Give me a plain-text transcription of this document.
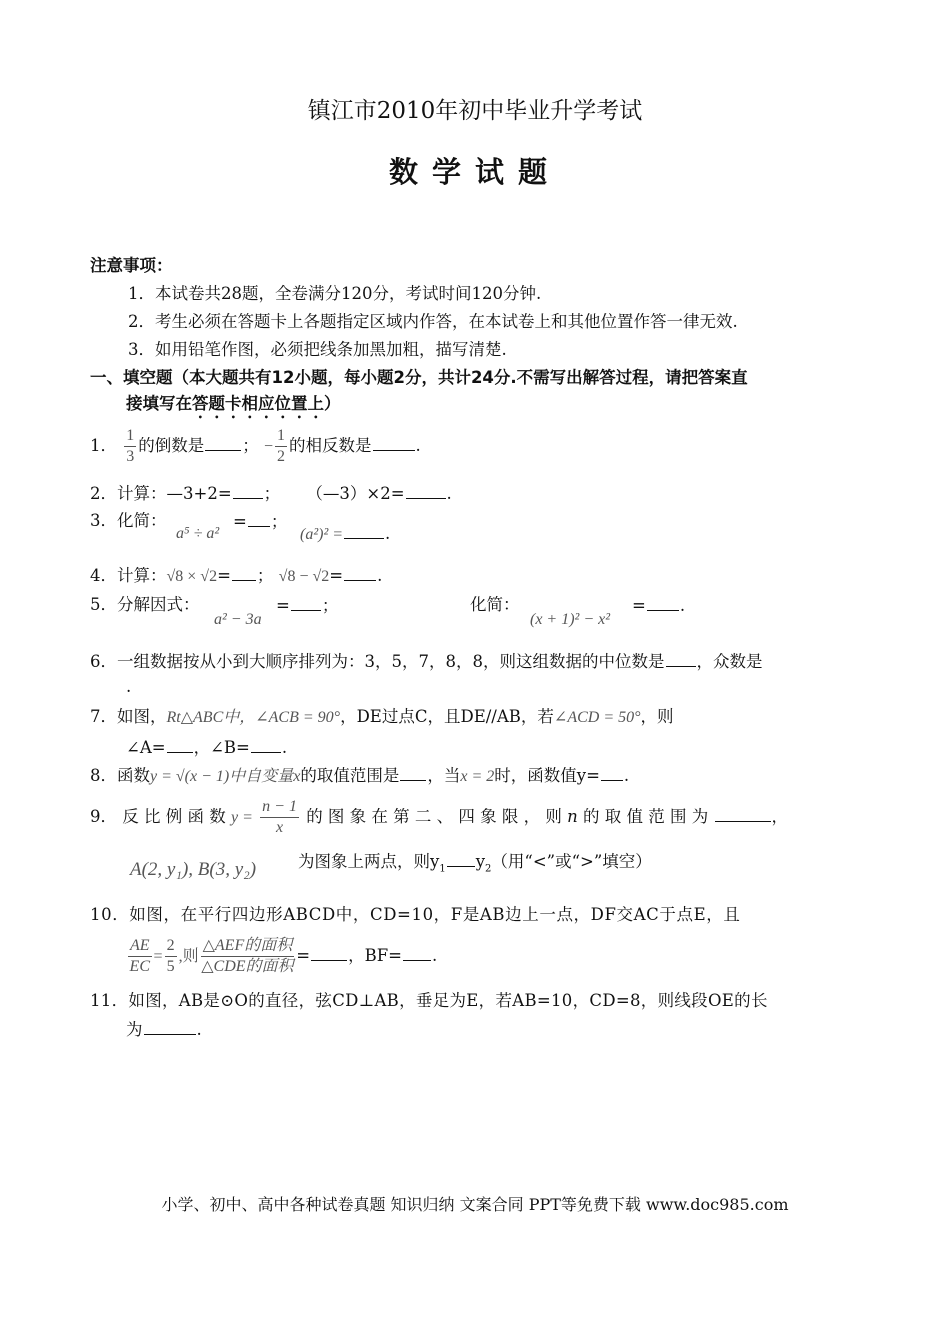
镇江市2010年初中毕业升学考试
数学试题
注意事项：
1．本试卷共28题，全卷满分120分，考试时间120分钟.
2．考生必须在答题卡上各题指定区域内作答，在本试卷上和其他位置作答一律无效.
3．如用铅笔作图，必须把线条加黑加粗，描写清楚.
一、填空题（本大题共有12小题，每小题2分，共计24分.不需写出解答过程，请把答案直
接填写在答题卡相应位置上）
1． $\frac{1}{3}$ 的倒数是 ； − $\frac{1}{2}$ 的相反数是	.
2．计算：—3+2= ； （—3）×2=	.
3．化简：
a⁵ ÷ a²
= ；
(a²)² =	.
4．计算：√8 × √2= ； √8 − √2= .
5．分解因式：
a² − 3a
= ；	化简：
(x + 1)² − x²
= .
6．一组数据按从小到大顺序排列为：3，5，7，8，8，则这组数据的中位数是 ，众数是
.
7．如图，Rt△ABC中，∠ACB = 90°，DE过点C，且DE//AB，若∠ACD = 50°，则
∠A= ，∠B= .
8．函数y = √(x − 1)中自变量x的取值范围是 ，当x = 2时，函数值y= .
9． 反 比 例 函 数 $y = \frac{n - 1}{x}$ 的 图 象 在 第 二 、 四 象 限 ， 则 n 的 取 值 范 围 为	，
A(2, y₁), B(3, y₂)	为图象上两点，则$y_1$ $y_2$（用“<”或“>”填空）
10．如图，在平行四边形ABCD中，CD=10，F是AB边上一点，DF交AC于点E，且
$\frac{AE}{EC} = \frac{2}{5}$ ,则 $\frac{\text{△AEF的面积}}{\text{△CDE的面积}}$ = ，BF= .
11．如图，AB是⊙O的直径，弦CD⊥AB，垂足为E，若AB=10，CD=8，则线段OE的长
为	.
小学、初中、高中各种试卷真题 知识归纳 文案合同 PPT等免费下载 www.doc985.com
